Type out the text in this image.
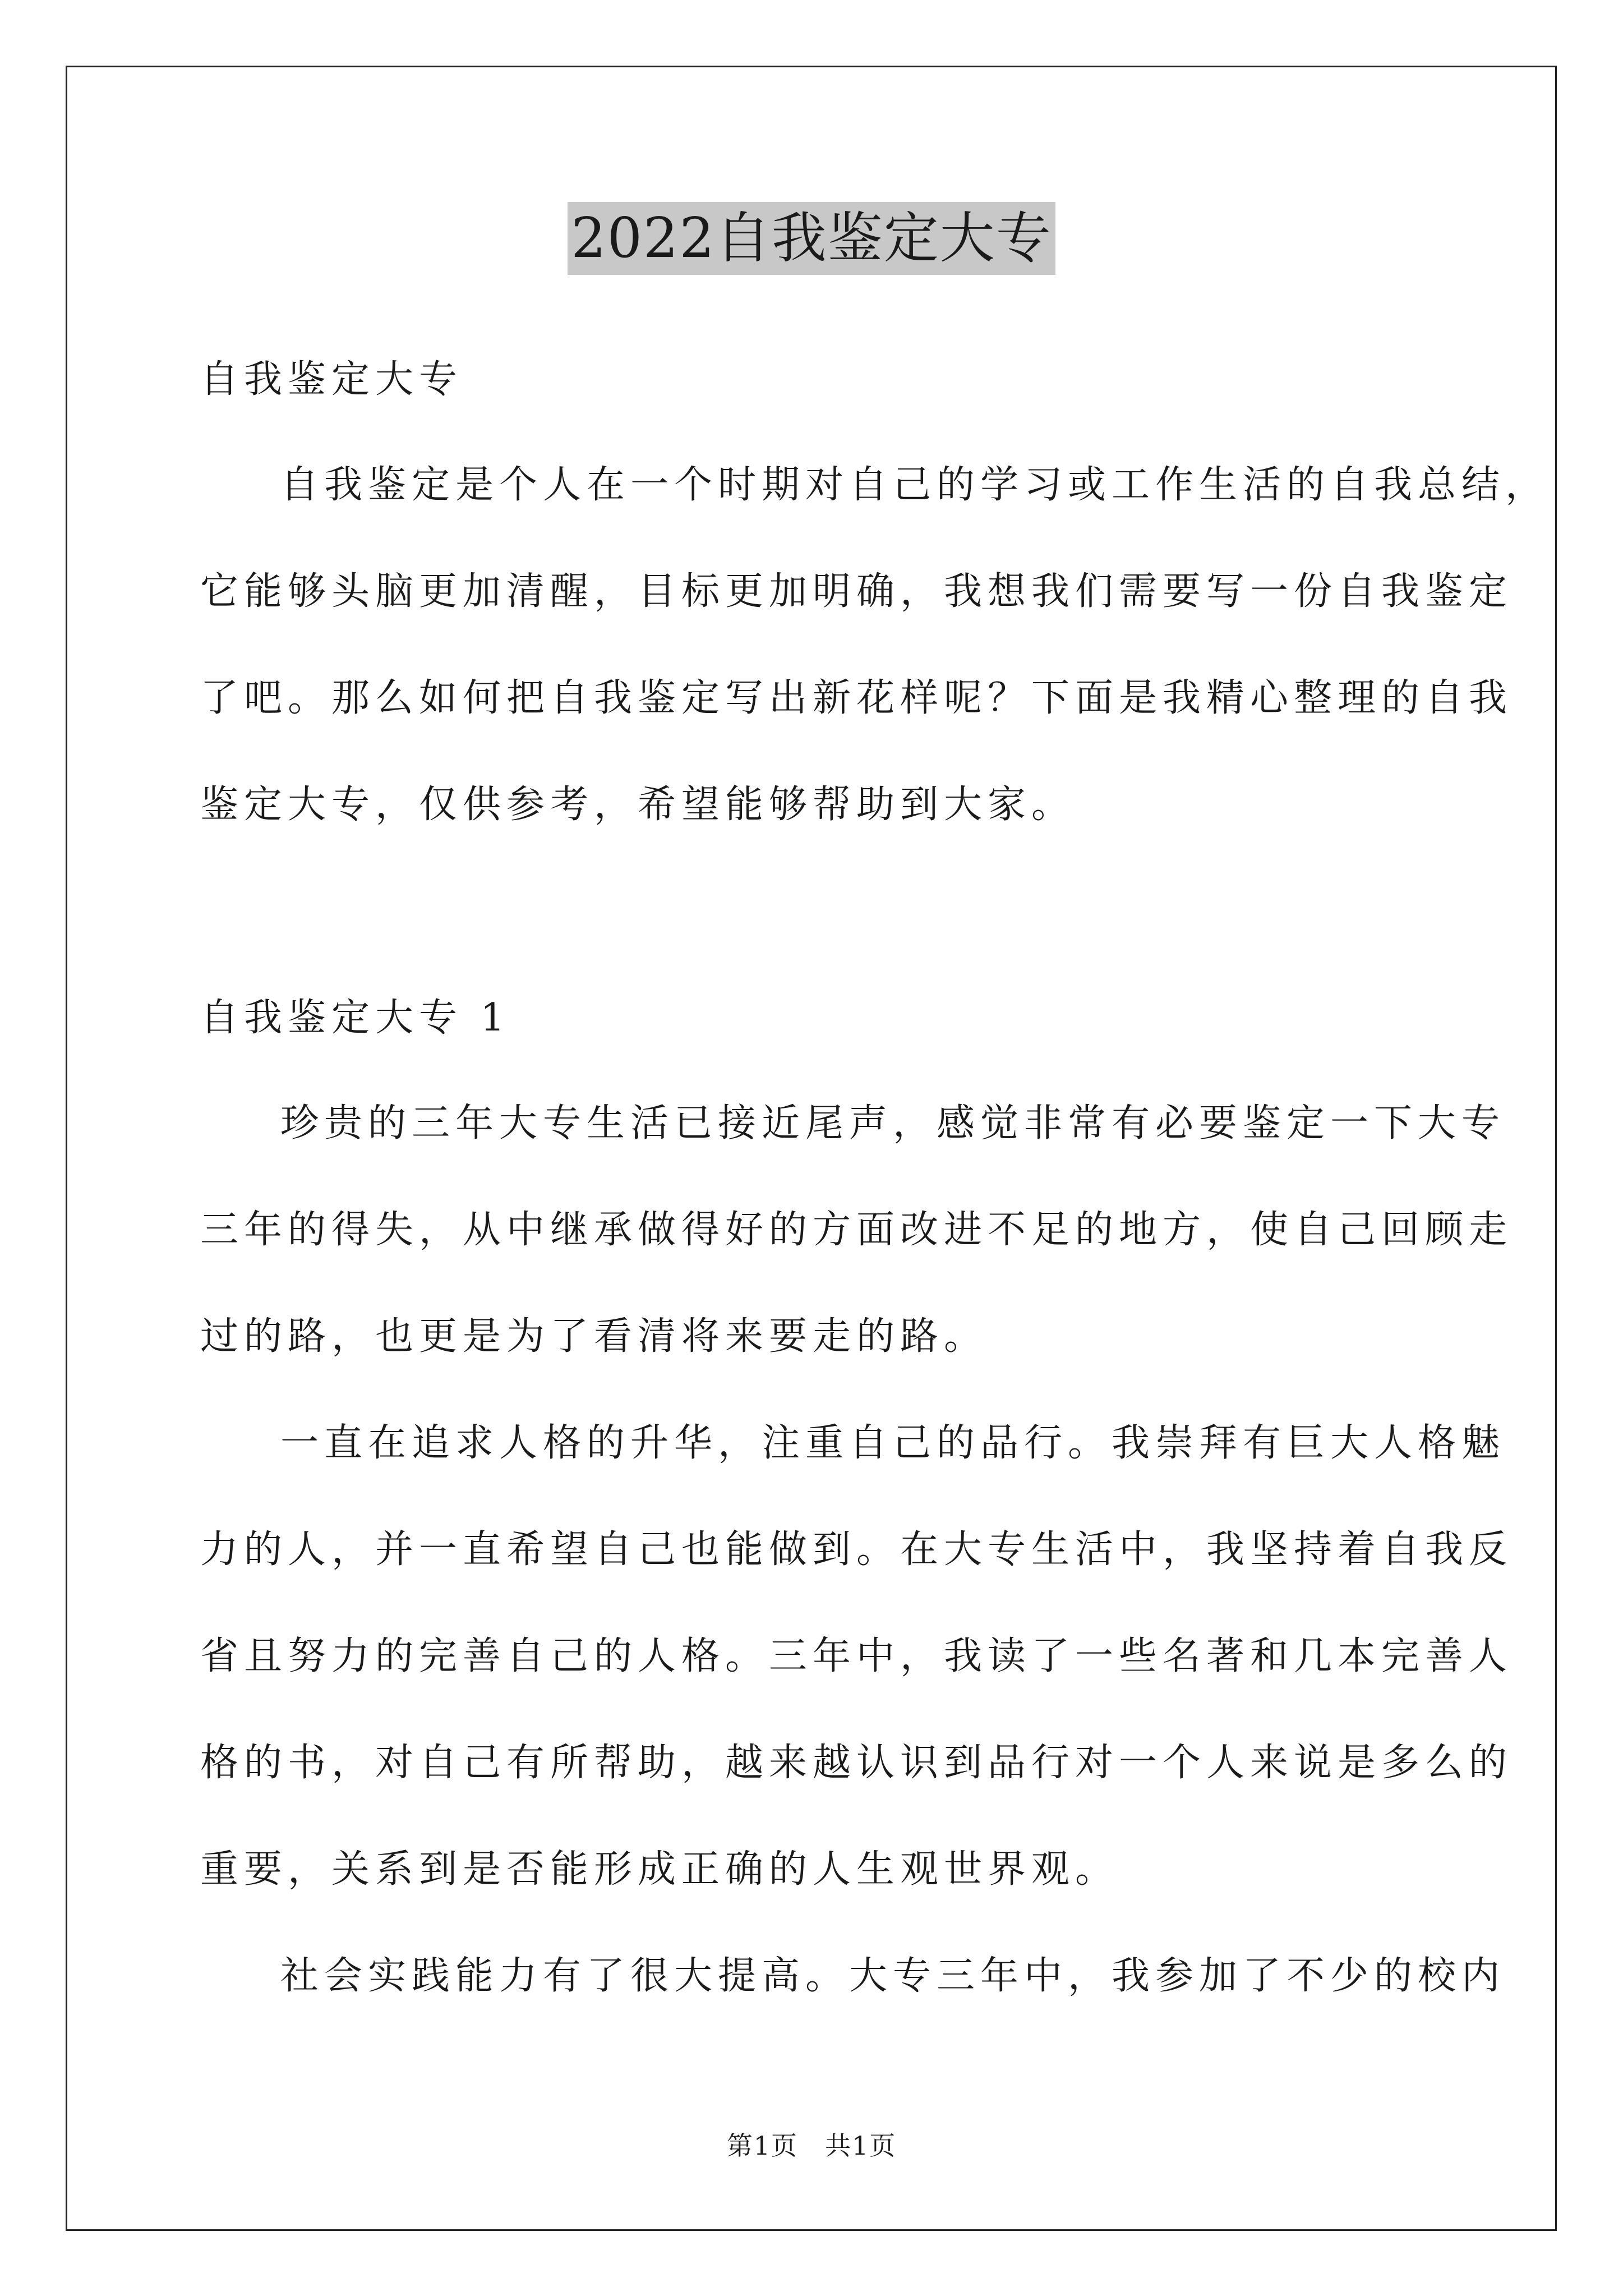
2022自我鉴定大专
自我鉴定大专
自我鉴定是个人在一个时期对自己的学习或工作生活的自我总结，
它能够头脑更加清醒，目标更加明确，我想我们需要写一份自我鉴定
了吧。那么如何把自我鉴定写出新花样呢？下面是我精心整理的自我
鉴定大专，仅供参考，希望能够帮助到大家。
自我鉴定大专 1
珍贵的三年大专生活已接近尾声，感觉非常有必要鉴定一下大专
三年的得失，从中继承做得好的方面改进不足的地方，使自己回顾走
过的路，也更是为了看清将来要走的路。
一直在追求人格的升华，注重自己的品行。我崇拜有巨大人格魅
力的人，并一直希望自己也能做到。在大专生活中，我坚持着自我反
省且努力的完善自己的人格。三年中，我读了一些名著和几本完善人
格的书，对自己有所帮助，越来越认识到品行对一个人来说是多么的
重要，关系到是否能形成正确的人生观世界观。
社会实践能力有了很大提高。大专三年中，我参加了不少的校内
第1页　共1页
